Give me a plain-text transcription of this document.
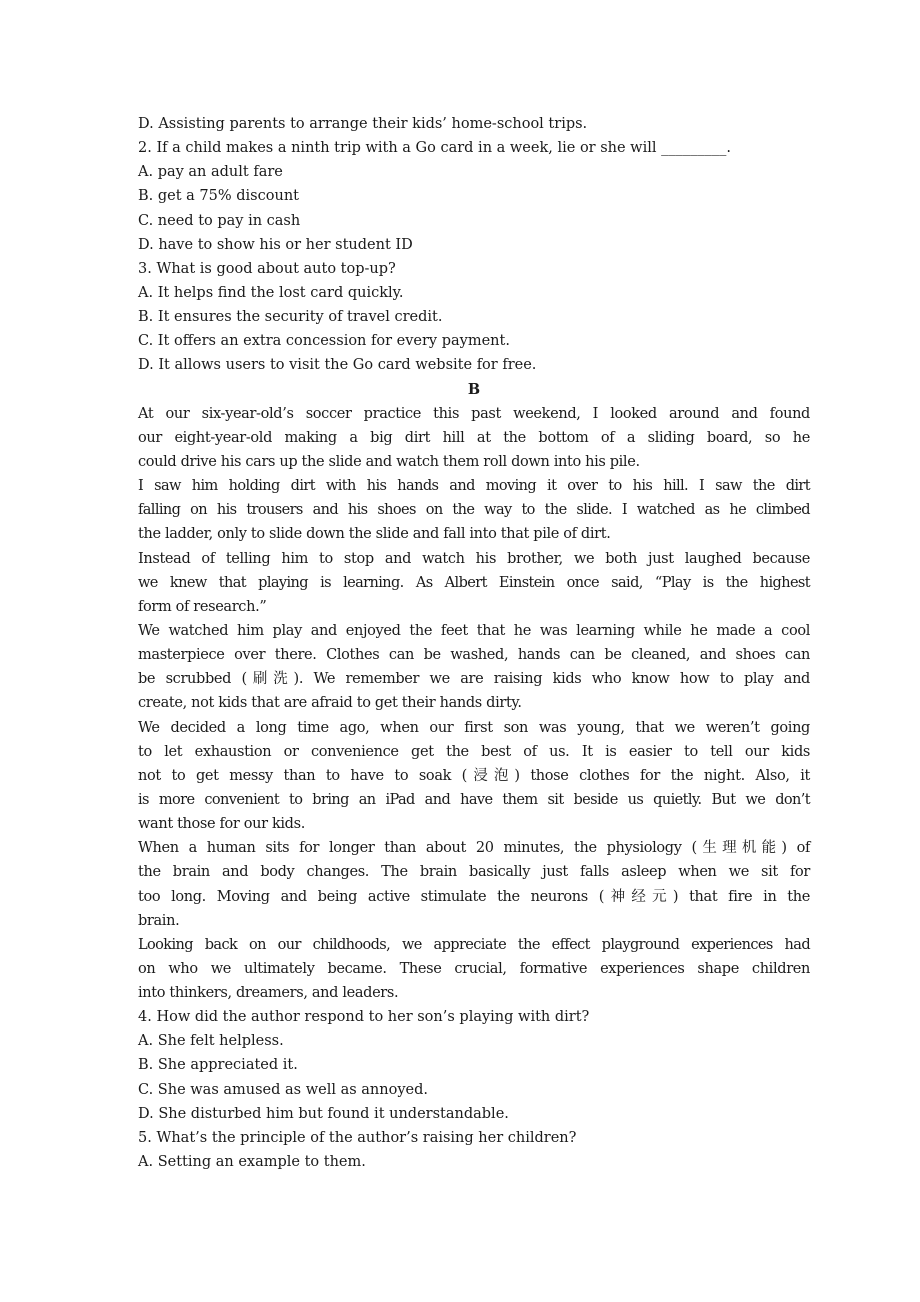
D. Assisting parents to arrange their kids’ home-school trips.
2. If a child makes a ninth trip with a Go card in a week, lie or she will _________.
A. pay an adult fare
B. get a 75% discount
C. need to pay in cash
D. have to show his or her student ID
3. What is good about auto top-up?
A. It helps find the lost card quickly.
B. It ensures the security of travel credit.
C. It offers an extra concession for every payment.
D. It allows users to visit the Go card website for free.
B
At our six-year-old’s soccer practice this past weekend, I looked around and found
our eight-year-old making a big dirt hill at the bottom of a sliding board, so he
could drive his cars up the slide and watch them roll down into his pile.
I saw him holding dirt with his hands and moving it over to his hill. I saw the dirt
falling on his trousers and his shoes on the way to the slide. I watched as he climbed
the ladder, only to slide down the slide and fall into that pile of dirt.
Instead of telling him to stop and watch his brother, we both just laughed because
we knew that playing is learning. As Albert Einstein once said, “Play is the highest
form of research.”
We watched him play and enjoyed the feet that he was learning while he made a cool
masterpiece over there. Clothes can be washed, hands can be cleaned, and shoes can
be scrubbed (刷洗). We remember we are raising kids who know how to play and
create, not kids that are afraid to get their hands dirty.
We decided a long time ago, when our first son was young, that we weren’t going
to let exhaustion or convenience get the best of us. It is easier to tell our kids
not to get messy than to have to soak (浸泡) those clothes for the night. Also, it
is more convenient to bring an iPad and have them sit beside us quietly. But we don’t
want those for our kids.
When a human sits for longer than about 20 minutes, the physiology (生理机能) of
the brain and body changes. The brain basically just falls asleep when we sit for
too long. Moving and being active stimulate the neurons (神经元) that fire in the
brain.
Looking back on our childhoods, we appreciate the effect playground experiences had
on who we ultimately became. These crucial, formative experiences shape children
into thinkers, dreamers, and leaders.
4. How did the author respond to her son’s playing with dirt?
A. She felt helpless.
B. She appreciated it.
C. She was amused as well as annoyed.
D. She disturbed him but found it understandable.
5. What’s the principle of the author’s raising her children?
A. Setting an example to them.
